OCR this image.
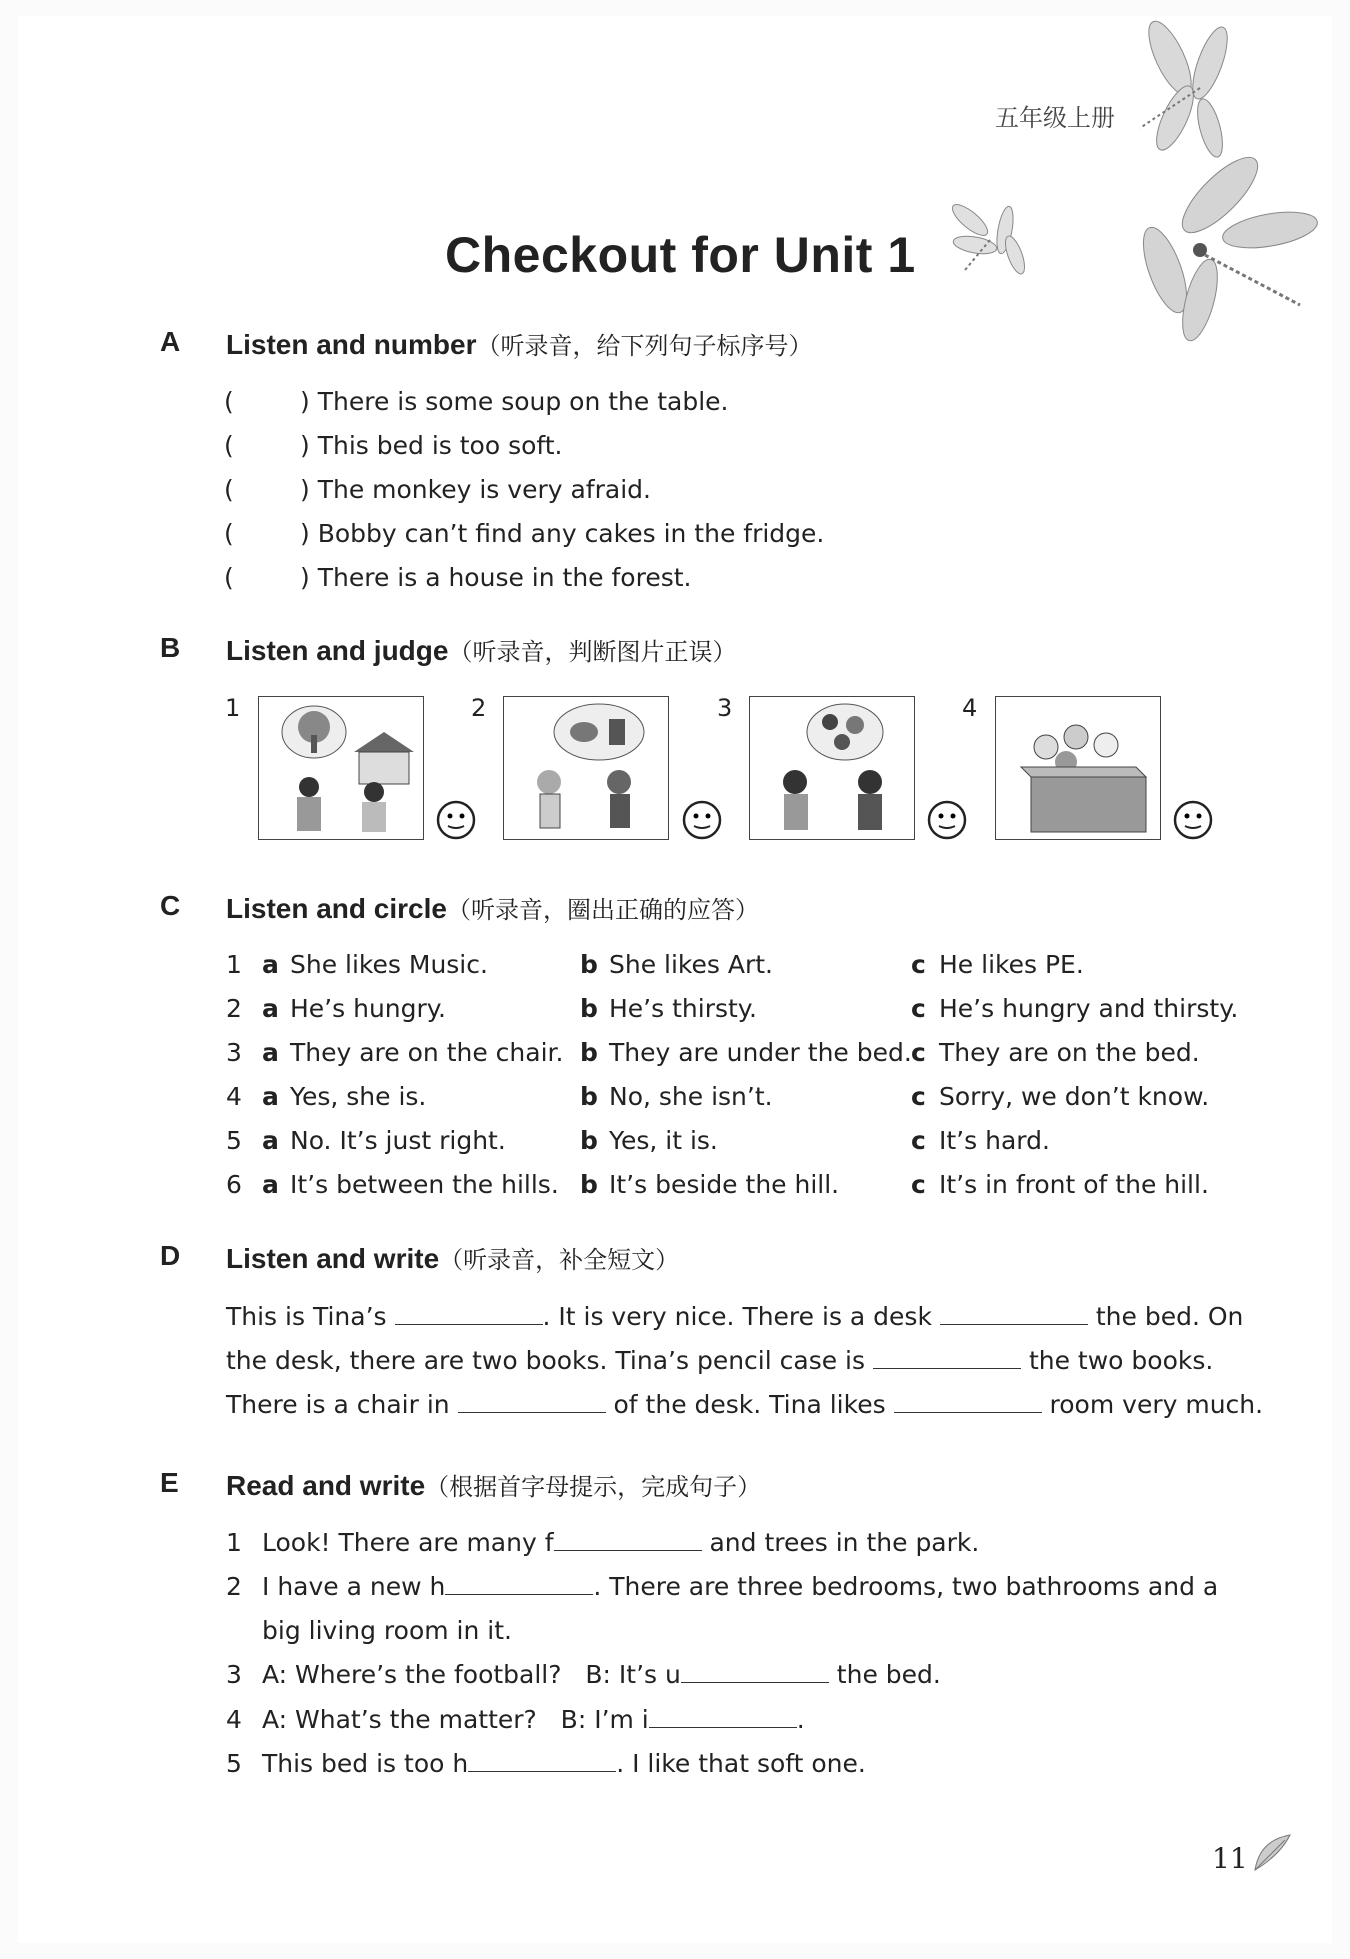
五年级上册
Checkout for Unit 1
A Listen and number（听录音，给下列句子标序号）
(	) There is some soup on the table.
(	) This bed is too soft.
(	) The monkey is very afraid.
(	) Bobby can’t find any cakes in the fridge.
(	) There is a house in the forest.
B Listen and judge（听录音，判断图片正误）
1	2	3	4
C Listen and circle（听录音，圈出正确的应答）
1 a She likes Music.	b She likes Art.	c He likes PE.
2 a He’s hungry.	b He’s thirsty.	c He’s hungry and thirsty.
3 a They are on the chair. b They are under the bed. c They are on the bed.
4 a Yes, she is.	b No, she isn’t.	c Sorry, we don’t know.
5 a No. It’s just right.	b Yes, it is.	c It’s hard.
6 a It’s between the hills. b It’s beside the hill.	c It’s in front of the hill.
D Listen and write（听录音，补全短文）
This is Tina’s	. It is very nice. There is a desk	the bed. On
the desk, there are two books. Tina’s pencil case is	the two books.
There is a chair in	of the desk. Tina likes	room very much.
E Read and write（根据首字母提示，完成句子）
1 Look! There are many f	and trees in the park.
2 I have a new h	. There are three bedrooms, two bathrooms and a
big living room in it.
3 A: Where’s the football? B: It’s u	the bed.
4 A: What’s the matter? B: I’m i	.
5 This bed is too h	. I like that soft one.
11
